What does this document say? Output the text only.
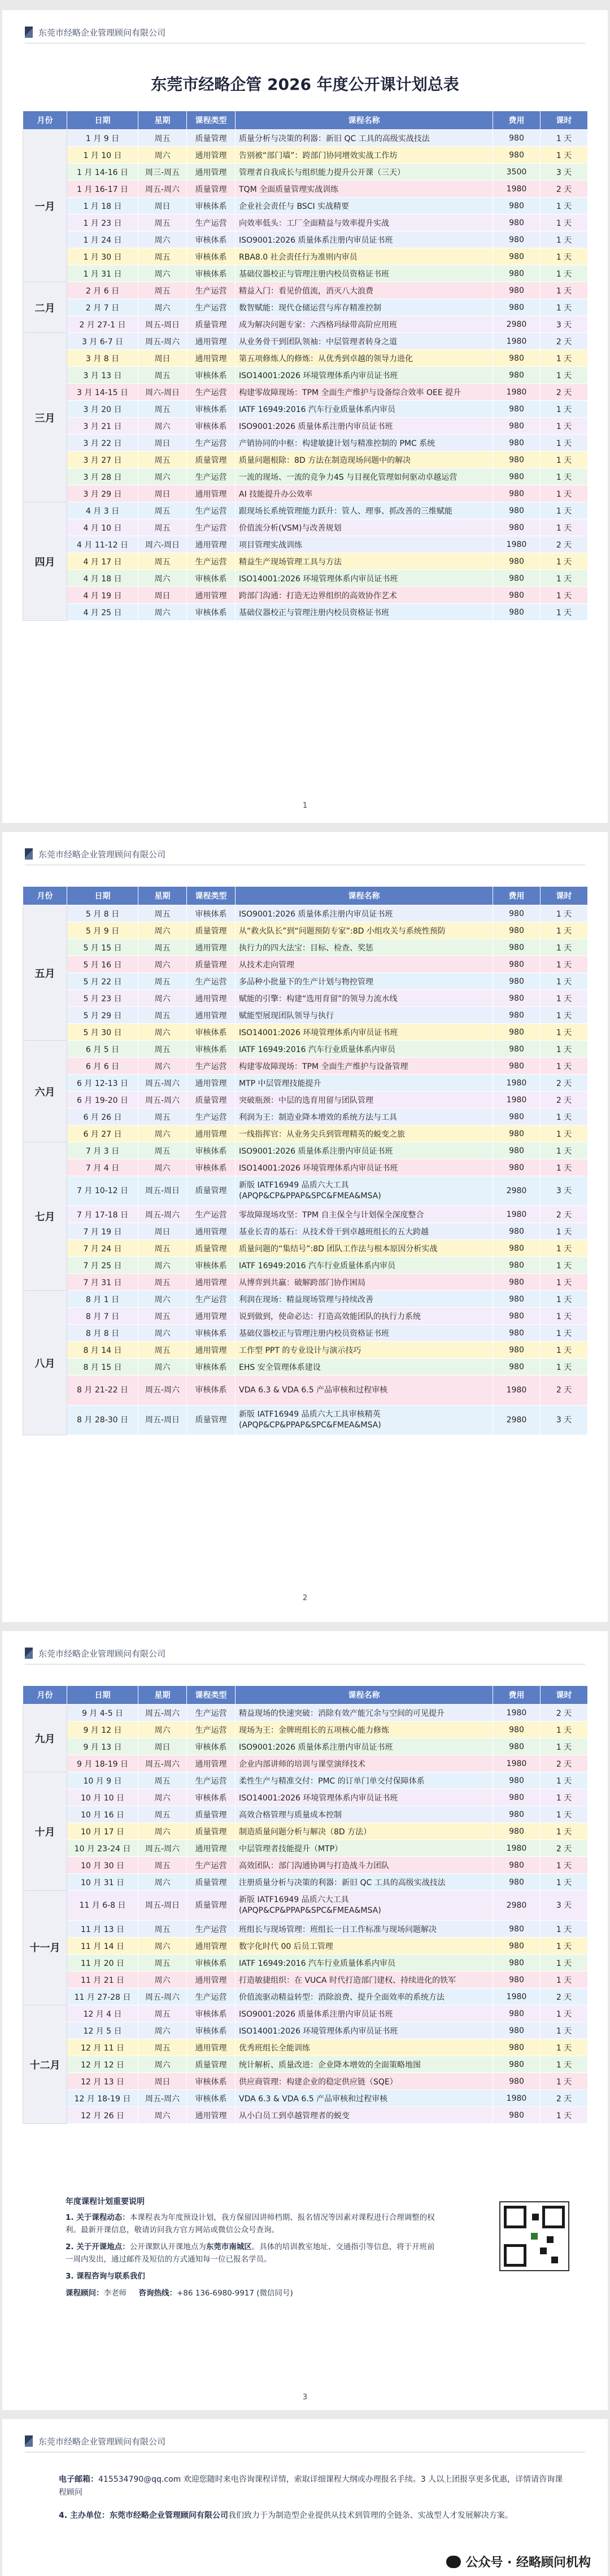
东莞市经略企业管理顾问有限公司
东莞市经略企管 2026 年度公开课计划总表
月份	日期	星期	课程类型	课程名称	费用	课时
一月	1 月 9 日	周五	质量管理	质量分析与决策的利器：新旧 QC 工具的高级实战技法	980	1 天
	1 月 10 日	周六	通用管理	告别被“部门墙”：跨部门协同增效实战工作坊	980	1 天
	1 月 14-16 日	周三-周五	通用管理	管理者自我成长与组织能力提升公开课（三天）	3500	3 天
	1 月 16-17 日	周五-周六	质量管理	TQM 全面质量管理实战训练	1980	2 天
	1 月 18 日	周日	审核体系	企业社会责任与 BSCI 实战精要	980	1 天
	1 月 23 日	周五	生产运营	向效率低头：工厂全面精益与效率提升实战	980	1 天
	1 月 24 日	周六	审核体系	ISO9001:2026 质量体系注册内审员证书班	980	1 天
	1 月 30 日	周五	审核体系	RBA8.0 社会责任行为准则内审员	980	1 天
	1 月 31 日	周六	审核体系	基础仪器校正与管理注册内校员资格证书班	980	1 天
二月	2 月 6 日	周五	生产运营	精益入门：看见价值流，消灭八大浪费	980	1 天
	2 月 7 日	周六	生产运营	数智赋能：现代仓储运营与库存精准控制	980	1 天
	2 月 27-1 日	周五-周日	质量管理	成为解决问题专家：六西格玛绿带高阶应用班	2980	3 天
三月	3 月 6-7 日	周五-周六	通用管理	从业务骨干到团队领袖：中层管理者转身之道	1980	2 天
	3 月 8 日	周日	通用管理	第五项修炼人的修炼：从优秀到卓越的领导力进化	980	1 天
	3 月 13 日	周五	审核体系	ISO14001:2026 环境管理体系内审员证书班	980	1 天
	3 月 14-15 日	周六-周日	生产运营	构建零故障现场：TPM 全面生产维护与设备综合效率 OEE 提升	1980	2 天
	3 月 20 日	周五	审核体系	IATF 16949:2016 汽车行业质量体系内审员	980	1 天
	3 月 21 日	周六	审核体系	ISO9001:2026 质量体系注册内审员证书班	980	1 天
	3 月 22 日	周日	生产运营	产销协同的中枢：构建敏捷计划与精准控制的 PMC 系统	980	1 天
	3 月 27 日	周五	质量管理	质量问题根除：8D 方法在制造现场问题中的解决	980	1 天
	3 月 28 日	周六	生产运营	一流的现场、一流的竞争力4S 与目视化管理如何驱动卓越运营	980	1 天
	3 月 29 日	周日	通用管理	AI 技能提升办公效率	980	1 天
四月	4 月 3 日	周五	生产运营	跟现场长系统管理能力跃升：管人、理事、抓改善的三维赋能	980	1 天
	4 月 10 日	周五	生产运营	价值流分析(VSM)与改善规划	980	1 天
	4 月 11-12 日	周六-周日	通用管理	项目管理实战训练	1980	2 天
	4 月 17 日	周五	生产运营	精益生产现场管理工具与方法	980	1 天
	4 月 18 日	周六	审核体系	ISO14001:2026 环境管理体系内审员证书班	980	1 天
	4 月 19 日	周日	通用管理	跨部门沟通：打造无边界组织的高效协作艺术	980	1 天
	4 月 25 日	周六	审核体系	基础仪器校正与管理注册内校员资格证书班	980	1 天
1
东莞市经略企业管理顾问有限公司
月份	日期	星期	课程类型	课程名称	费用	课时
五月	5 月 8 日	周五	审核体系	ISO9001:2026 质量体系注册内审员证书班	980	1 天
	5 月 9 日	周六	质量管理	从“救火队长”到“问题预防专家”:8D 小组攻关与系统性预防	980	1 天
	5 月 15 日	周五	通用管理	执行力的四大法宝：目标、检查、奖惩	980	1 天
	5 月 16 日	周六	质量管理	从技术走向管理	980	1 天
	5 月 22 日	周五	生产运营	多品种小批量下的生产计划与物控管理	980	1 天
	5 月 23 日	周六	通用管理	赋能的引擎：构建“选用育留”的领导力流水线	980	1 天
	5 月 29 日	周五	通用管理	赋能型展现团队领导与执行	980	1 天
	5 月 30 日	周六	审核体系	ISO14001:2026 环境管理体系内审员证书班	980	1 天
六月	6 月 5 日	周五	审核体系	IATF 16949:2016 汽车行业质量体系内审员	980	1 天
	6 月 6 日	周六	生产运营	构建零故障现场：TPM 全面生产维护与设备管理	980	1 天
	6 月 12-13 日	周五-周六	通用管理	MTP 中层管理技能提升	1980	2 天
	6 月 19-20 日	周五-周六	质量管理	突破瓶颈：中层的选育用留与团队管理	1980	2 天
	6 月 26 日	周五	生产运营	利润为王：制造业降本增效的系统方法与工具	980	1 天
	6 月 27 日	周六	通用管理	一线指挥官：从业务尖兵到管理精英的蜕变之旅	980	1 天
七月	7 月 3 日	周五	审核体系	ISO9001:2026 质量体系注册内审员证书班	980	1 天
	7 月 4 日	周六	审核体系	ISO14001:2026 环境管理体系内审员证书班	980	1 天
	7 月 10-12 日	周五-周日	质量管理	新版 IATF16949 品质六大工具(APQP&CP&PPAP&SPC&FMEA&MSA)	2980	3 天
	7 月 17-18 日	周五-周六	生产运营	零故障现场攻坚：TPM 自主保全与计划保全深度整合	1980	2 天
	7 月 19 日	周日	通用管理	基业长青的基石：从技术骨干到卓越班组长的五大跨越	980	1 天
	7 月 24 日	周五	质量管理	质量问题的“集结号”:8D 团队工作法与根本原因分析实战	980	1 天
	7 月 25 日	周六	审核体系	IATF 16949:2016 汽车行业质量体系内审员	980	1 天
	7 月 31 日	周五	通用管理	从博弈到共赢：破解跨部门协作困局	980	1 天
八月	8 月 1 日	周六	生产运营	利润在现场：精益现场管理与持续改善	980	1 天
	8 月 7 日	周五	通用管理	说到做到，使命必达：打造高效能团队的执行力系统	980	1 天
	8 月 8 日	周六	审核体系	基础仪器校正与管理注册内校员资格证书班	980	1 天
	8 月 14 日	周五	通用管理	工作型 PPT 的专业设计与演示技巧	980	1 天
	8 月 15 日	周六	审核体系	EHS 安全管理体系建设	980	1 天
	8 月 21-22 日	周五-周六	审核体系	VDA 6.3 & VDA 6.5 产品审核和过程审核	1980	2 天
	8 月 28-30 日	周五-周日	质量管理	新版 IATF16949 品质六大工具审核精英(APQP&CP&PPAP&SPC&FMEA&MSA)	2980	3 天
2
东莞市经略企业管理顾问有限公司
月份	日期	星期	课程类型	课程名称	费用	课时
九月	9 月 4-5 日	周五-周六	生产运营	精益现场的快速突破：消除有效产能冗余与空间的可见提升	1980	2 天
	9 月 12 日	周六	生产运营	现场为王：金牌班组长的五项核心能力修炼	980	1 天
	9 月 13 日	周日	审核体系	ISO9001:2026 质量体系注册内审员证书班	980	1 天
	9 月 18-19 日	周五-周六	通用管理	企业内部讲师的培训与课堂演绎技术	1980	2 天
十月	10 月 9 日	周五	生产运营	柔性生产与精准交付：PMC 的订单门单交付保障体系	980	1 天
	10 月 10 日	周六	审核体系	ISO14001:2026 环境管理体系内审员证书班	980	1 天
	10 月 16 日	周五	质量管理	高效合格管理与质量成本控制	980	1 天
	10 月 17 日	周六	质量管理	制造质量问题分析与解决（8D 方法）	980	1 天
	10 月 23-24 日	周五-周六	通用管理	中层管理者技能提升（MTP）	1980	2 天
	10 月 30 日	周五	生产运营	高效团队：部门沟通协调与打造战斗力团队	980	1 天
	10 月 31 日	周六	质量管理	注册质量分析与决策的利器：新旧 QC 工具的高级实战技法	980	1 天
十一月	11 月 6-8 日	周五-周日	质量管理	新版 IATF16949 品质六大工具(APQP&CP&PPAP&SPC&FMEA&MSA)	2980	3 天
	11 月 13 日	周五	生产运营	班组长与现场管理：班组长一日工作标准与现场问题解决	980	1 天
	11 月 14 日	周六	通用管理	数字化时代 00 后员工管理	980	1 天
	11 月 20 日	周五	审核体系	IATF 16949:2016 汽车行业质量体系内审员	980	1 天
	11 月 21 日	周六	通用管理	打造敏捷组织：在 VUCA 时代打造部门建权、持续进化的铁军	980	1 天
	11 月 27-28 日	周五-周六	生产运营	价值流驱动精益转型：消除浪费、提升全面效率的系统方法	1980	2 天
十二月	12 月 4 日	周五	审核体系	ISO9001:2026 质量体系注册内审员证书班	980	1 天
	12 月 5 日	周六	审核体系	ISO14001:2026 环境管理体系内审员证书班	980	1 天
	12 月 11 日	周五	通用管理	优秀班组长全能训练	980	1 天
	12 月 12 日	周六	质量管理	统计解析、质量改进：企业降本增效的全面策略地图	980	1 天
	12 月 13 日	周日	审核体系	供应商管理：构建企业的稳定供应链（SQE）	980	1 天
	12 月 18-19 日	周五-周六	审核体系	VDA 6.3 & VDA 6.5 产品审核和过程审核	1980	2 天
	12 月 26 日	周六	通用管理	从小白员工到卓越管理者的蜕变	980	1 天
年度课程计划重要说明
1. 关于课程动态：本课程表为年度预设计划，我方保留因讲师档期、报名情况等因素对课程进行合理调整的权利。最新开课信息，敬请访问我方官方网站或微信公众号查询。
2. 关于开课地点：公开课默认开课地点为东莞市南城区。具体的培训教室地址、交通指引等信息，将于开班前一周内发出，通过邮件及短信的方式通知每一位已报名学员。
3. 课程咨询与联系我们
课程顾问：李老师 咨询热线：+86 136-6980-9917 (微信同号)
3
东莞市经略企业管理顾问有限公司
电子邮箱：415534790@qq.com 欢迎您随时来电咨询课程详情，索取详细课程大纲或办理报名手续。3 人以上团报享更多优惠，详情请咨询课程顾问
4. 主办单位：东莞市经略企业管理顾问有限公司我们致力于为制造型企业提供从技术到管理的全链条、实战型人才发展解决方案。
公众号 · 经略顾问机构
